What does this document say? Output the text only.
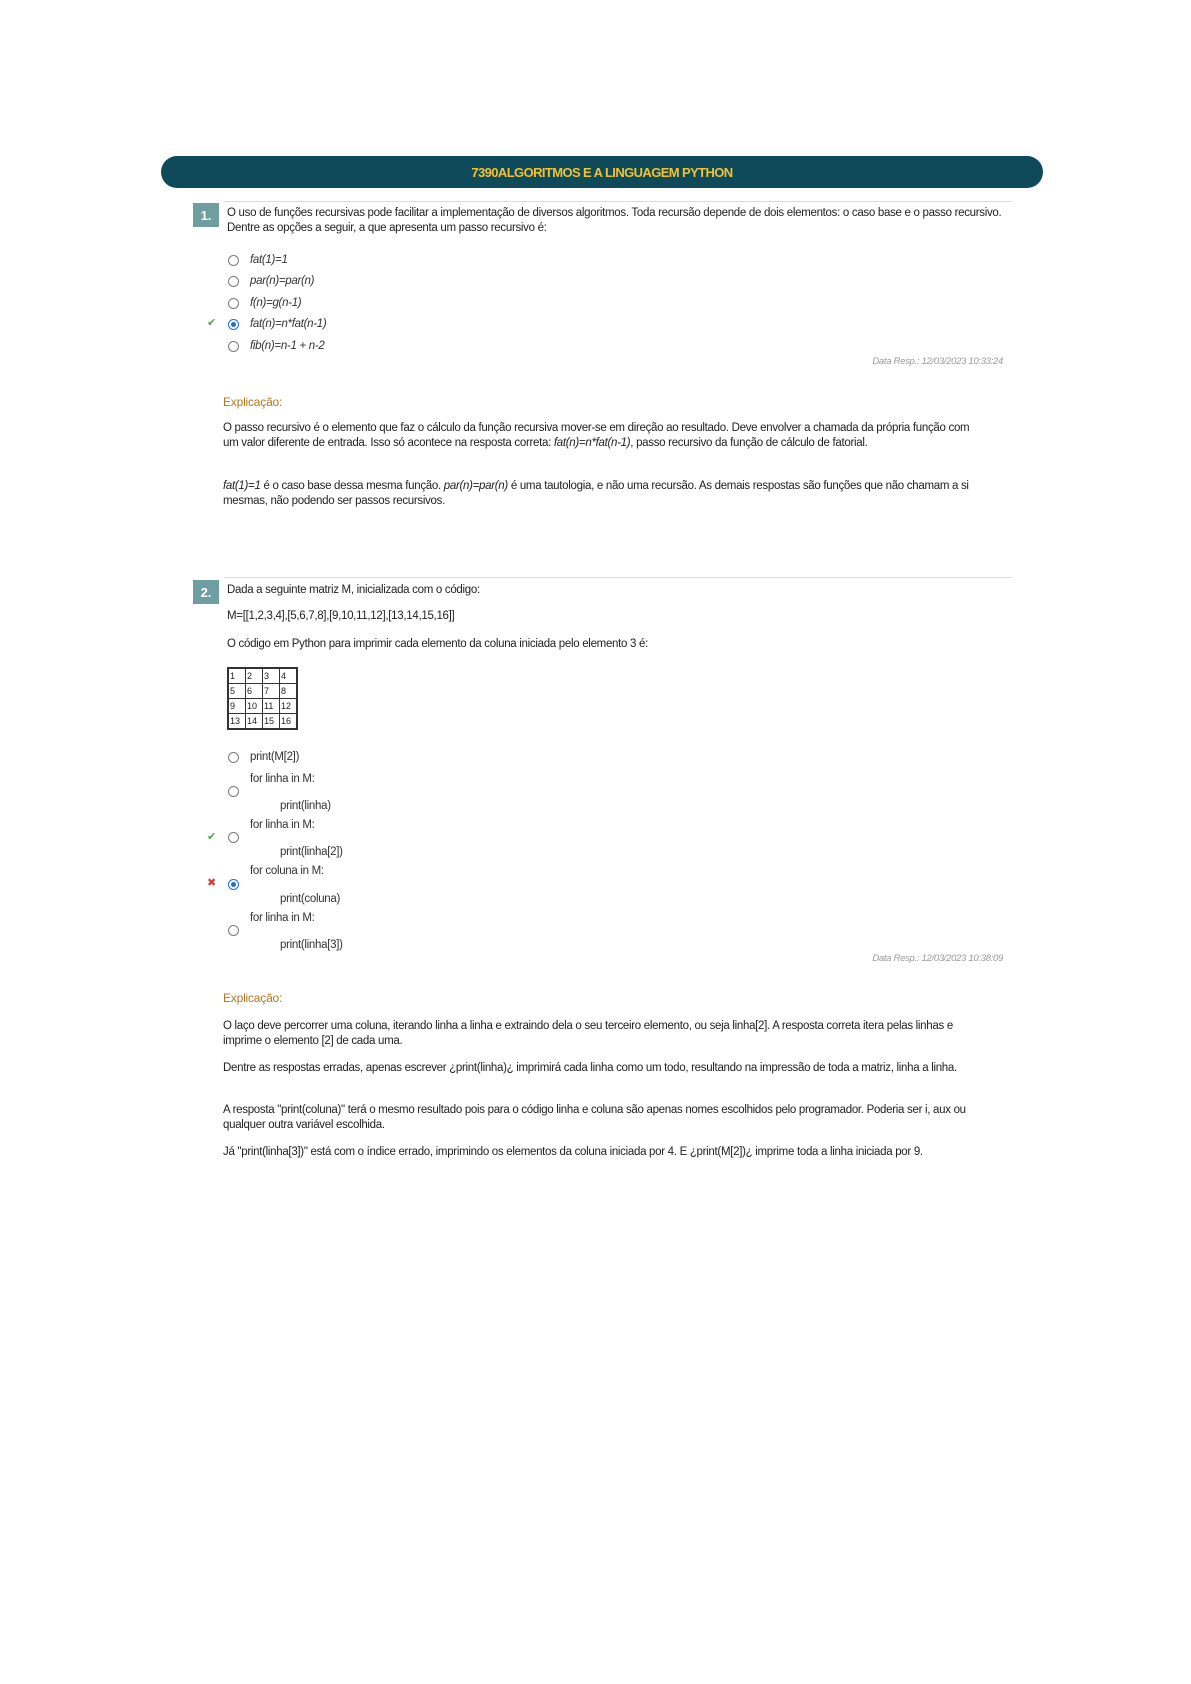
7390ALGORITMOS E A LINGUAGEM PYTHON
1.	O uso de funções recursivas pode facilitar a implementação de diversos algoritmos. Toda recursão depende de dois elementos: o caso base e o passo recursivo. Dentre as opções a seguir, a que apresenta um passo recursivo é:
fat(1)=1
par(n)=par(n)
f(n)=g(n-1)
✔	fat(n)=n*fat(n-1)
fib(n)=n-1 + n-2
Data Resp.: 12/03/2023 10:33:24
Explicação:
O passo recursivo é o elemento que faz o cálculo da função recursiva mover-se em direção ao resultado. Deve envolver a chamada da própria função com um valor diferente de entrada. Isso só acontece na resposta correta: fat(n)=n*fat(n-1), passo recursivo da função de cálculo de fatorial.
fat(1)=1 é o caso base dessa mesma função. par(n)=par(n) é uma tautologia, e não uma recursão. As demais respostas são funções que não chamam a si mesmas, não podendo ser passos recursivos.
2.	Dada a seguinte matriz M, inicializada com o código:
M=[[1,2,3,4],[5,6,7,8],[9,10,11,12],[13,14,15,16]]
O código em Python para imprimir cada elemento da coluna iniciada pelo elemento 3 é:
1	2	3	4
5	6	7	8
9	10	11	12
13	14	15	16
print(M[2])
for linha in M:
print(linha)
for linha in M:
✔
print(linha[2])
for coluna in M:
✖
print(coluna)
for linha in M:
print(linha[3])
Data Resp.: 12/03/2023 10:38:09
Explicação:
O laço deve percorrer uma coluna, iterando linha a linha e extraindo dela o seu terceiro elemento, ou seja linha[2]. A resposta correta itera pelas linhas e imprime o elemento [2] de cada uma.
Dentre as respostas erradas, apenas escrever ¿print(linha)¿ imprimirá cada linha como um todo, resultando na impressão de toda a matriz, linha a linha.
A resposta "print(coluna)" terá o mesmo resultado pois para o código linha e coluna são apenas nomes escolhidos pelo programador. Poderia ser i, aux ou qualquer outra variável escolhida.
Já "print(linha[3])" está com o índice errado, imprimindo os elementos da coluna iniciada por 4. E ¿print(M[2])¿ imprime toda a linha iniciada por 9.
